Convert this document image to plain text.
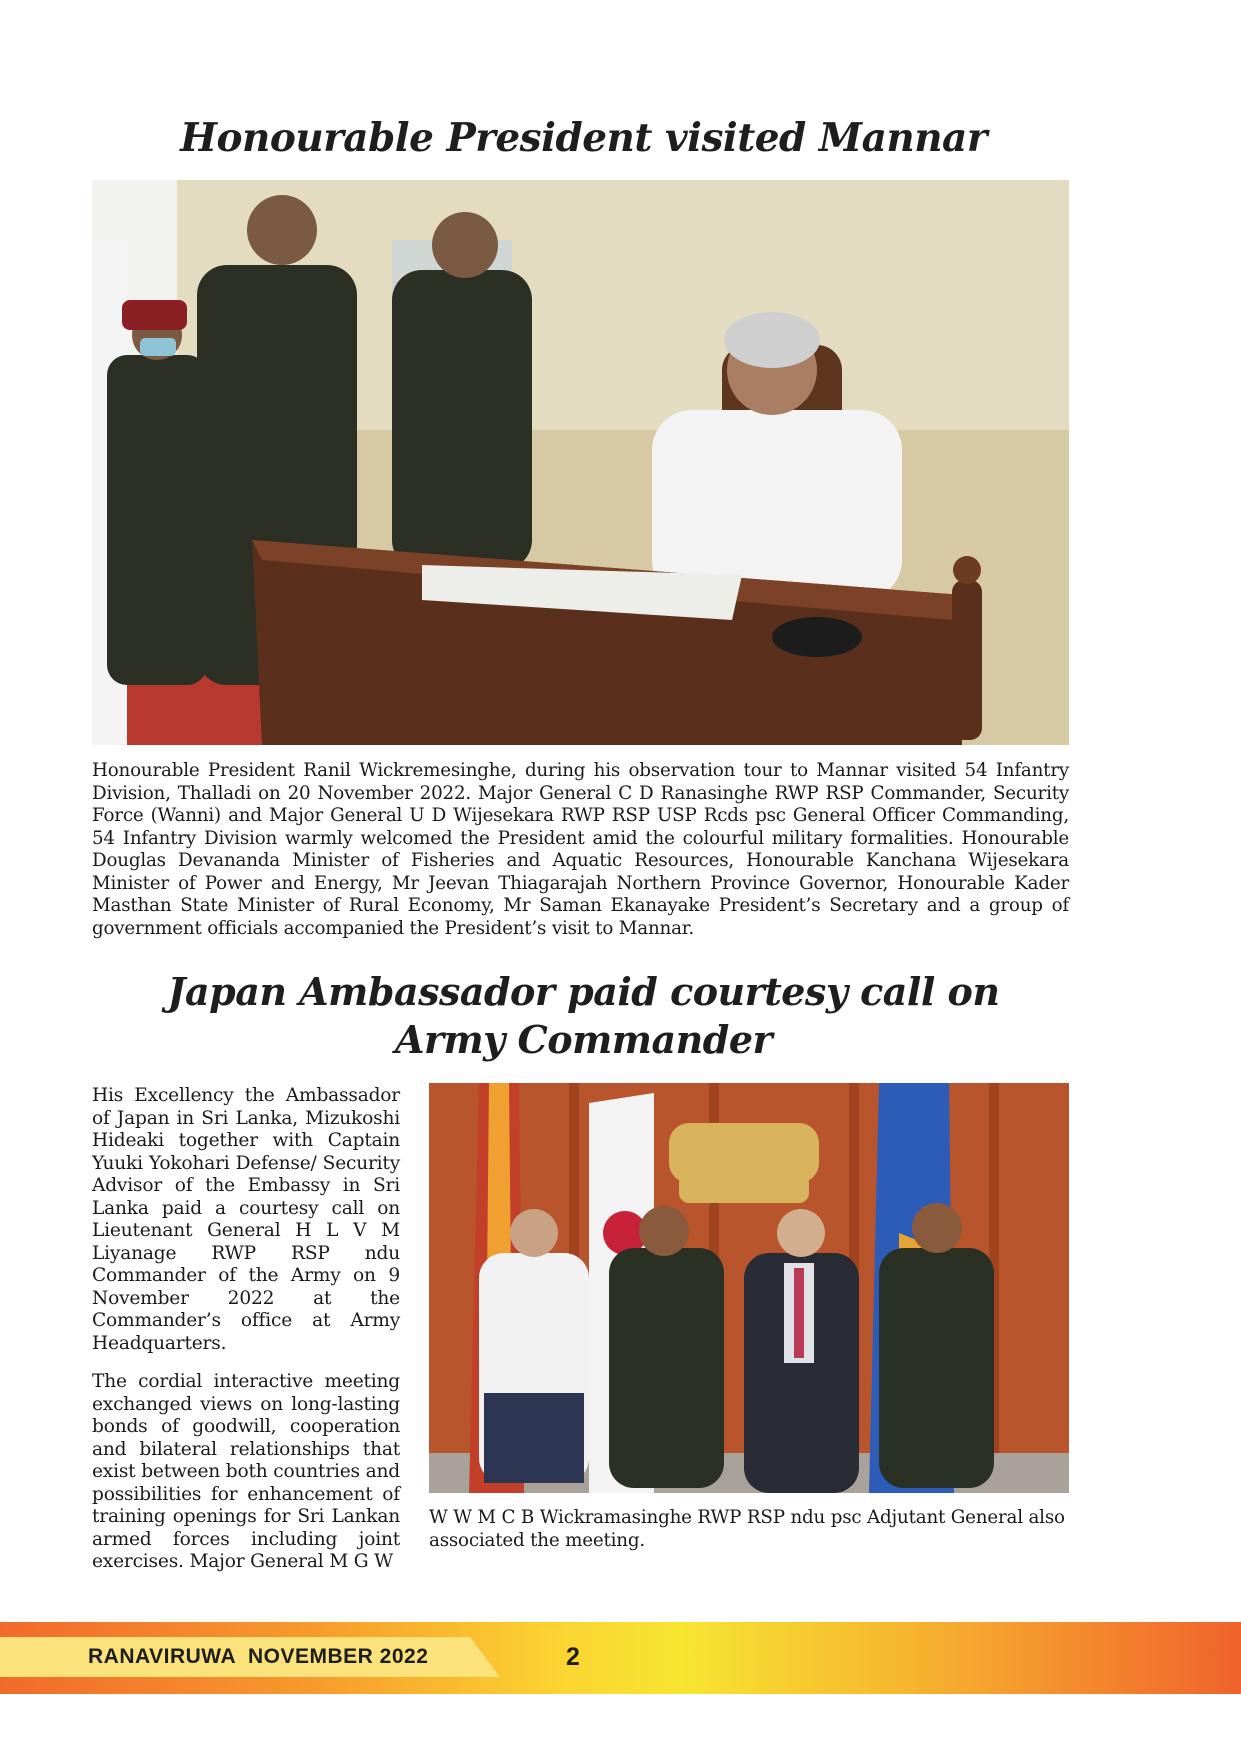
Honourable President visited Mannar

Honourable President Ranil Wickremesinghe, during his observation tour to Mannar visited 54 Infantry Division, Thalladi on 20 November 2022. Major General C D Ranasinghe RWP RSP Commander, Security Force (Wanni) and Major General U D Wijesekara RWP RSP USP Rcds psc General Officer Commanding, 54 Infantry Division warmly welcomed the President amid the colourful military formalities. Honourable Douglas Devananda Minister of Fisheries and Aquatic Resources, Honourable Kanchana Wijesekara Minister of Power and Energy, Mr Jeevan Thiagarajah Northern Province Governor, Honourable Kader Masthan State Minister of Rural Economy, Mr Saman Ekanayake President’s Secretary and a group of government officials accompanied the President’s visit to Mannar.

Japan Ambassador paid courtesy call on
Army Commander

His Excellency the Ambassador of Japan in Sri Lanka, Mizukoshi Hideaki together with Captain Yuuki Yokohari Defense/ Security Advisor of the Embassy in Sri Lanka paid a courtesy call on Lieutenant General H L V M Liyanage RWP RSP ndu Commander of the Army on 9 November 2022 at the Commander’s office at Army Headquarters.

The cordial interactive meeting exchanged views on long-lasting bonds of goodwill, cooperation and bilateral relationships that exist between both countries and possibilities for enhancement of training openings for Sri Lankan armed forces including joint exercises. Major General M G W

W W M C B Wickramasinghe RWP RSP ndu psc Adjutant General also associated the meeting.

RANAVIRUWA NOVEMBER 2022	2
